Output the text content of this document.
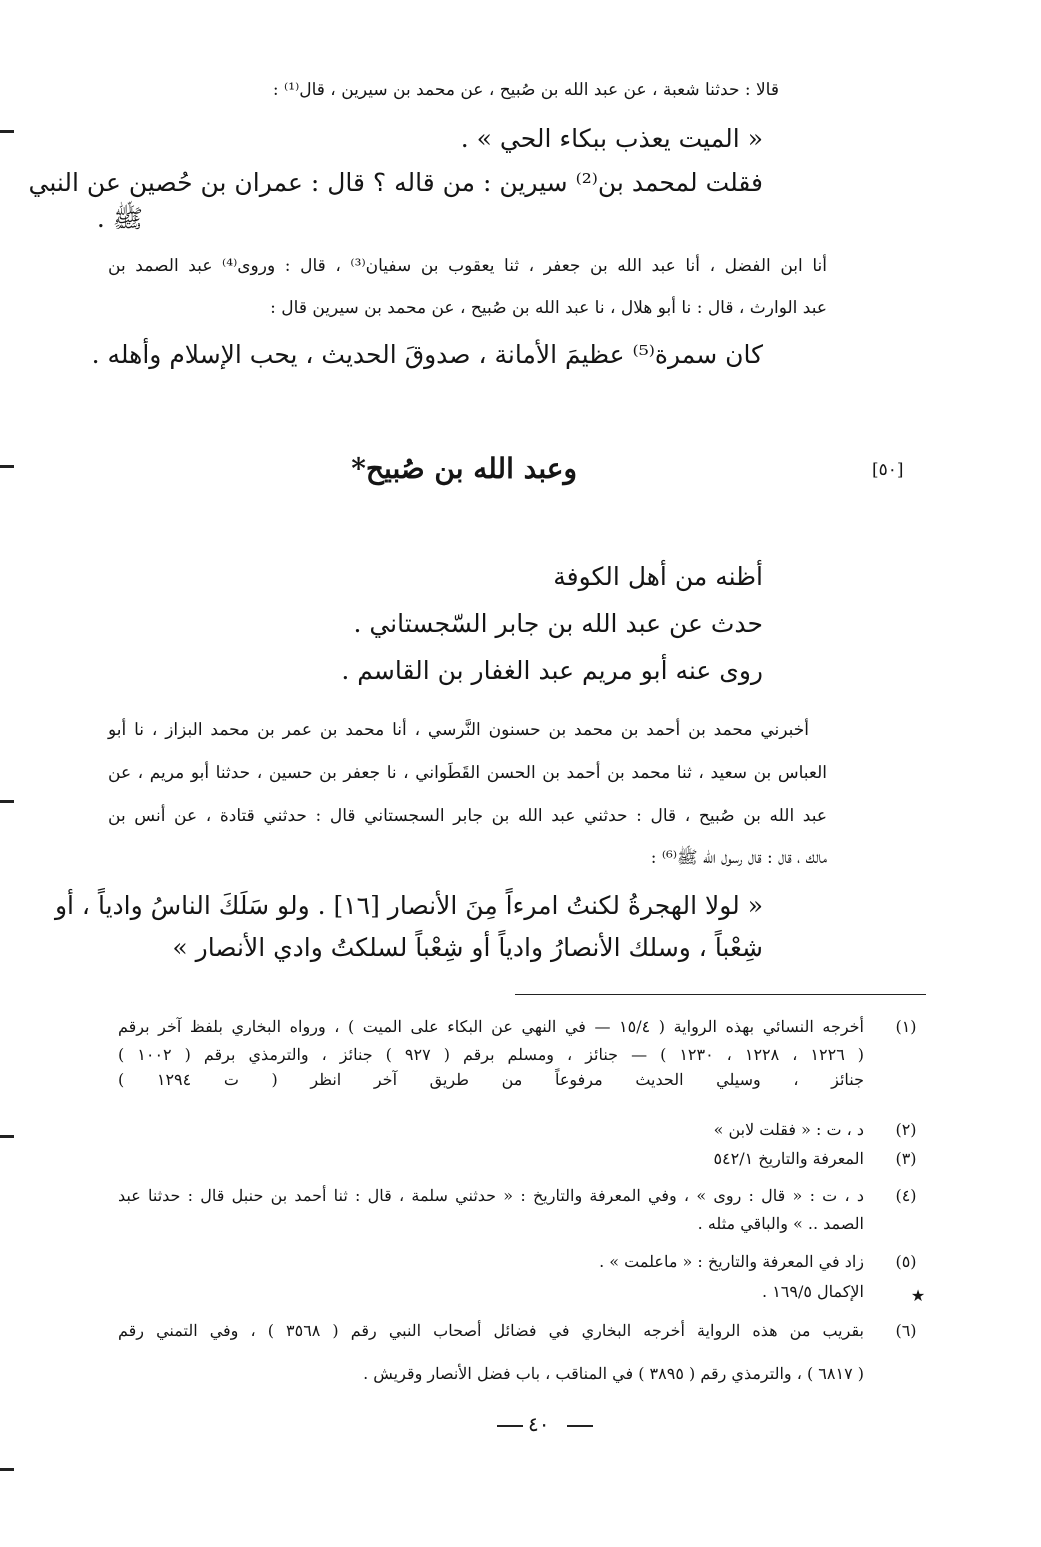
قالا : حدثنا شعبة ، عن عبد الله بن صُبيح ، عن محمد بن سيرين ، قال⁽¹⁾ :
« الميت يعذب ببكاء الحي » .
فقلت لمحمد بن⁽²⁾ سيرين : من قاله ؟ قال : عمران بن حُصين عن النبي
ﷺ .
أنا ابن الفضل ، أنا عبد الله بن جعفر ، ثنا يعقوب بن سفيان⁽³⁾ ، قال : وروى⁽⁴⁾ عبد الصمد بن
عبد الوارث ، قال : نا أبو هلال ، نا عبد الله بن صُبيح ، عن محمد بن سيرين قال :
كان سمرة⁽⁵⁾ عظيمَ الأمانة ، صدوقَ الحديث ، يحب الإسلام وأهله .
[٥٠]
وعبد الله بن صُبيح*
أظنه من أهل الكوفة
حدث عن عبد الله بن جابر السّجستاني .
روى عنه أبو مريم عبد الغفار بن القاسم .
أخبرني محمد بن أحمد بن محمد بن حسنون النَّرسي ، أنا محمد بن عمر بن محمد البزاز ، نا أبو
العباس بن سعيد ، ثنا محمد بن أحمد بن الحسن القَطَواني ، نا جعفر بن حسين ، حدثنا أبو مريم ، عن
عبد الله بن صُبيح ، قال : حدثني عبد الله بن جابر السجستاني قال : حدثني قتادة ، عن أنس بن
مالك ، قال : قال رسول الله ﷺ⁽⁶⁾ :
« لولا الهجرةُ لكنتُ امرءاً مِنَ الأنصار [١٦] . ولو سَلَكَ الناسُ وادياً ، أو
شِعْباً ، وسلك الأنصارُ وادياً أو شِعْباً لسلكتُ وادي الأنصار »
(١)
أخرجه النسائي بهذه الرواية ( ١٥/٤ — في النهي عن البكاء على الميت ) ، ورواه البخاري بلفظ آخر برقم
( ١٢٢٦ ، ١٢٢٨ ، ١٢٣٠ ) — جنائز ، ومسلم برقم ( ٩٢٧ ) جنائز ، والترمذي برقم ( ١٠٠٢ )
جنائز ، وسيلي الحديث مرفوعاً من طريق آخر انظر ( ت ١٢٩٤ )
(٢)
د ، ت : « فقلت لابن »
(٣)
المعرفة والتاريخ ٥٤٢/١
(٤)
د ، ت : « قال : روى » ، وفي المعرفة والتاريخ : « حدثني سلمة ، قال : ثنا أحمد بن حنبل قال : حدثنا عبد
الصمد .. » والباقي مثله .
(٥)
زاد في المعرفة والتاريخ : « ماعلمت » .
★
الإكمال ١٦٩/٥ .
(٦)
بقريب من هذه الرواية أخرجه البخاري في فضائل أصحاب النبي رقم ( ٣٥٦٨ ) ، وفي التمني رقم
( ٦٨١٧ ) ، والترمذي رقم ( ٣٨٩٥ ) في المناقب ، باب فضل الأنصار وقريش .
٤٠
